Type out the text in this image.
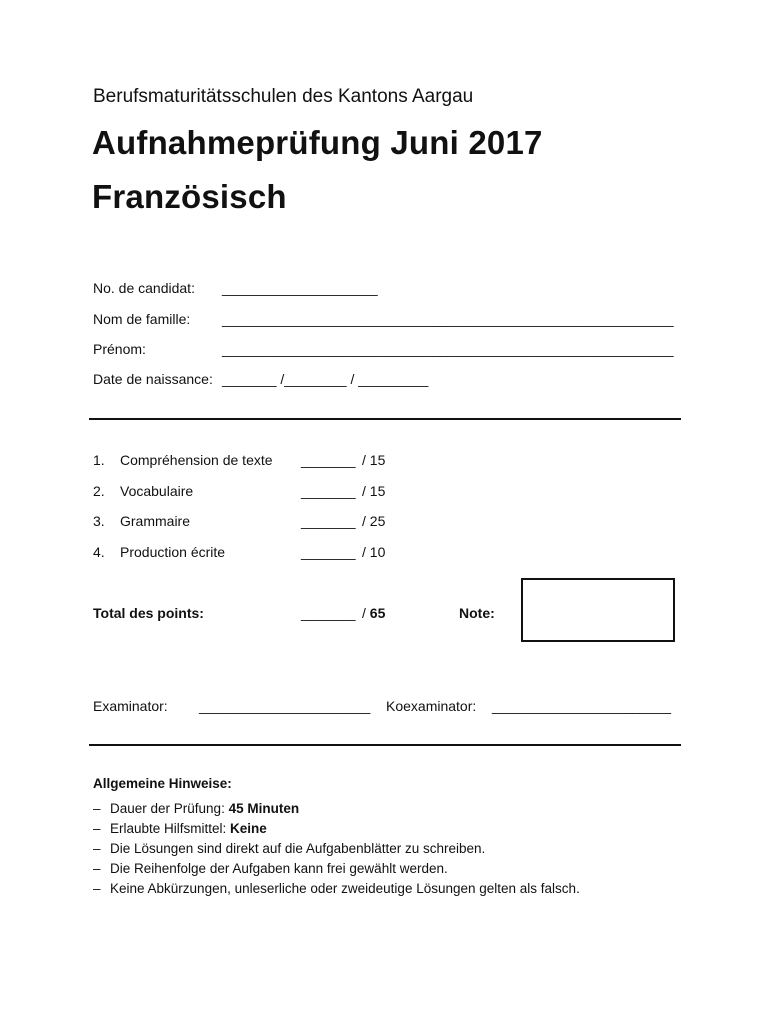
Berufsmaturitätsschulen des Kantons Aargau
Aufnahmeprüfung Juni 2017
Französisch
No. de candidat: ____________________
Nom de famille: __________________________________________________________
Prénom:	__________________________________________________________
Date de naissance: _______ /________ / _________
1. Compréhension de texte _______ / 15
2. Vocabulaire	_______ / 15
3. Grammaire	_______ / 25
4. Production écrite	_______ / 10
Total des points:	_______ / 65	Note:
Examinator: ______________________ Koexaminator: _______________________
Allgemeine Hinweise:
– Dauer der Prüfung: 45 Minuten
– Erlaubte Hilfsmittel: Keine
– Die Lösungen sind direkt auf die Aufgabenblätter zu schreiben.
– Die Reihenfolge der Aufgaben kann frei gewählt werden.
– Keine Abkürzungen, unleserliche oder zweideutige Lösungen gelten als falsch.
